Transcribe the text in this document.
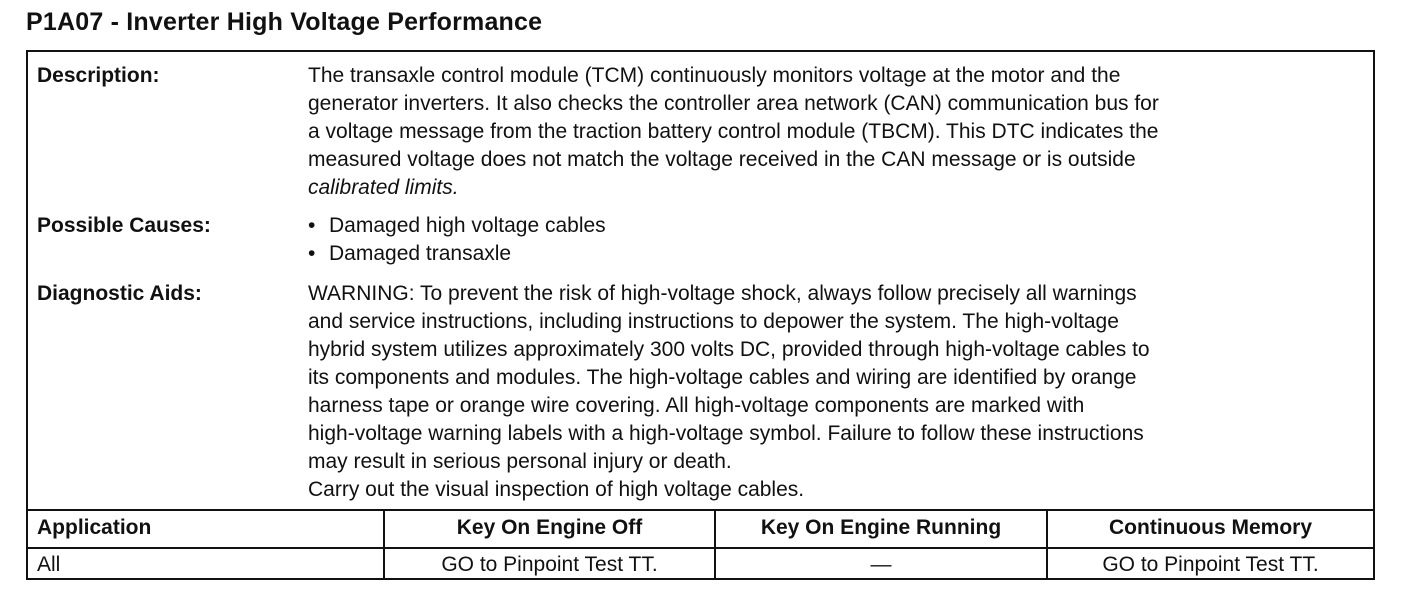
P1A07 - Inverter High Voltage Performance
Description:	The transaxle control module (TCM) continuously monitors voltage at the motor and the
generator inverters. It also checks the controller area network (CAN) communication bus for
a voltage message from the traction battery control module (TBCM). This DTC indicates the
measured voltage does not match the voltage received in the CAN message or is outside
calibrated limits.
Possible Causes:
•	Damaged high voltage cables
• Damaged transaxle
Diagnostic Aids:	WARNING: To prevent the risk of high-voltage shock, always follow precisely all warnings
and service instructions, including instructions to depower the system. The high-voltage
hybrid system utilizes approximately 300 volts DC, provided through high-voltage cables to
its components and modules. The high-voltage cables and wiring are identified by orange
harness tape or orange wire covering. All high-voltage components are marked with
high-voltage warning labels with a high-voltage symbol. Failure to follow these instructions
may result in serious personal injury or death.
Carry out the visual inspection of high voltage cables.
Application	Key On Engine Off	Key On Engine Running	Continuous Memory
All	GO to Pinpoint Test TT.	—	GO to Pinpoint Test TT.
